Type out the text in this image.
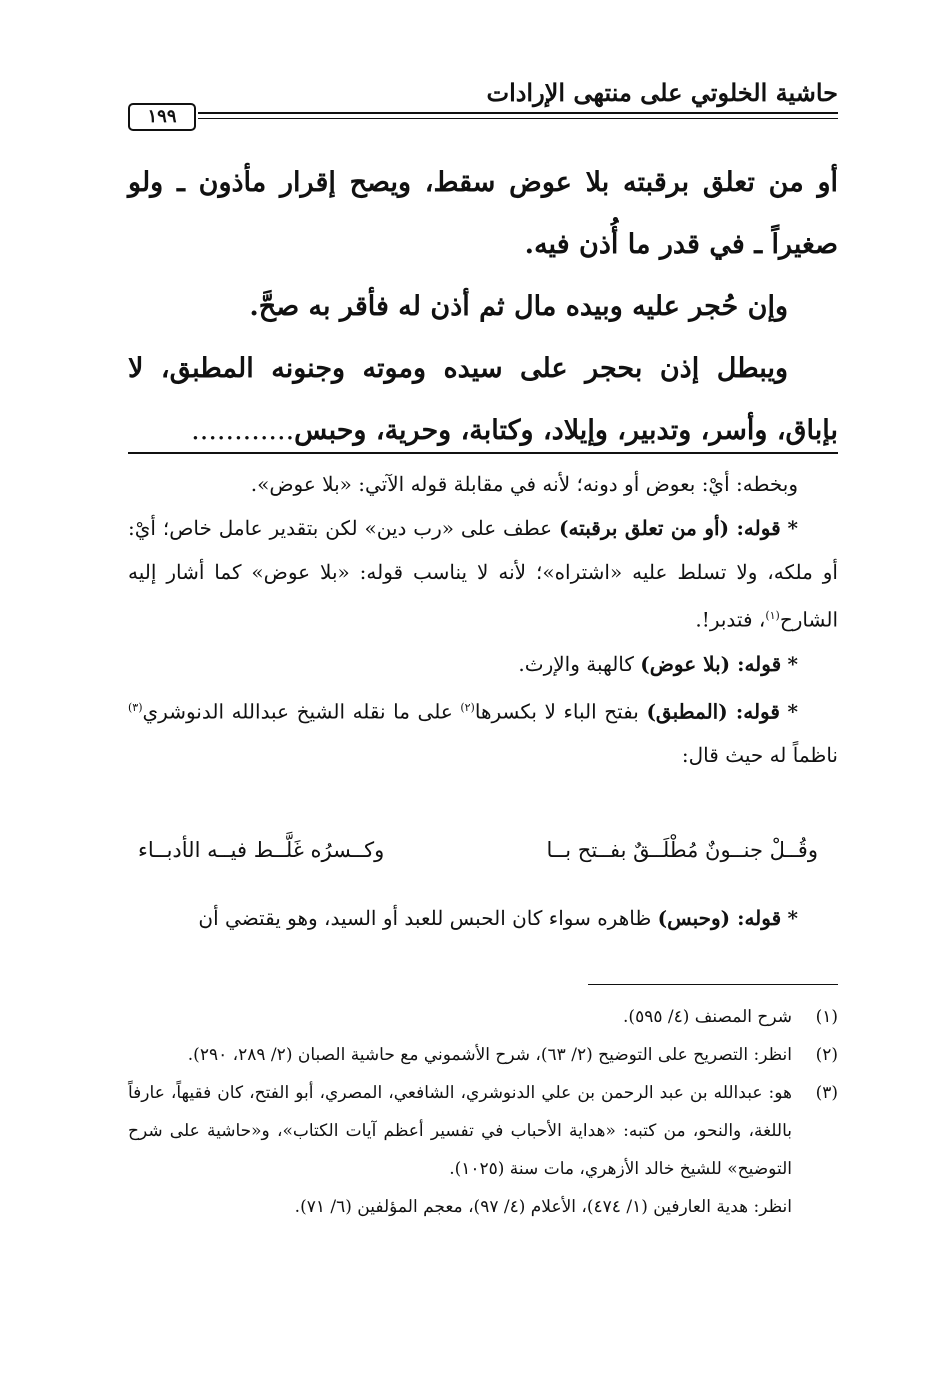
حاشية الخلوتي على منتهى الإرادات
١٩٩

أو من تعلق برقبته بلا عوض سقط، ويصح إقرار مأذون ـ ولو صغيراً ـ في قدر ما أُذن فيه.

وإن حُجر عليه وبيده مال ثم أذن له فأقر به صحَّ.

ويبطل إذن بحجر على سيده وموته وجنونه المطبق، لا بإباق، وأسر، وتدبير، وإيلاد، وكتابة، وحرية، وحبس............

وبخطه: أيْ: بعوض أو دونه؛ لأنه في مقابلة قوله الآتي: «بلا عوض».

* قوله: (أو من تعلق برقبته) عطف على «رب دين» لكن بتقدير عامل خاص؛ أيْ: أو ملكه، ولا تسلط عليه «اشتراه»؛ لأنه لا يناسب قوله: «بلا عوض» كما أشار إليه الشارح$^{(١)}$، فتدبر!.

* قوله: (بلا عوض) كالهبة والإرث.

* قوله: (المطبق) بفتح الباء لا بكسرها$^{(٢)}$ على ما نقله الشيخ عبدالله الدنوشري$^{(٣)}$ ناظماً له حيث قال:

وقُــلْ جنــونٌ مُطْلَــقٌ بفــتح بــا
وكــسرُه غَلَّــط فيــه الأدبــاء

* قوله: (وحبس) ظاهره سواء كان الحبس للعبد أو السيد، وهو يقتضي أن

(١)
شرح المصنف (٤/ ٥٩٥).

(٢)
انظر: التصريح على التوضيح (٢/ ٦٣)، شرح الأشموني مع حاشية الصبان (٢/ ٢٨٩، ٢٩٠).

(٣)
هو: عبدالله بن عبد الرحمن بن علي الدنوشري، الشافعي، المصري، أبو الفتح، كان فقيهاً، عارفاً باللغة، والنحو، من كتبه: «هداية الأحباب في تفسير أعظم آيات الكتاب»، و«حاشية على شرح التوضيح» للشيخ خالد الأزهري، مات سنة (١٠٢٥).

انظر: هدية العارفين (١/ ٤٧٤)، الأعلام (٤/ ٩٧)، معجم المؤلفين (٦/ ٧١).
